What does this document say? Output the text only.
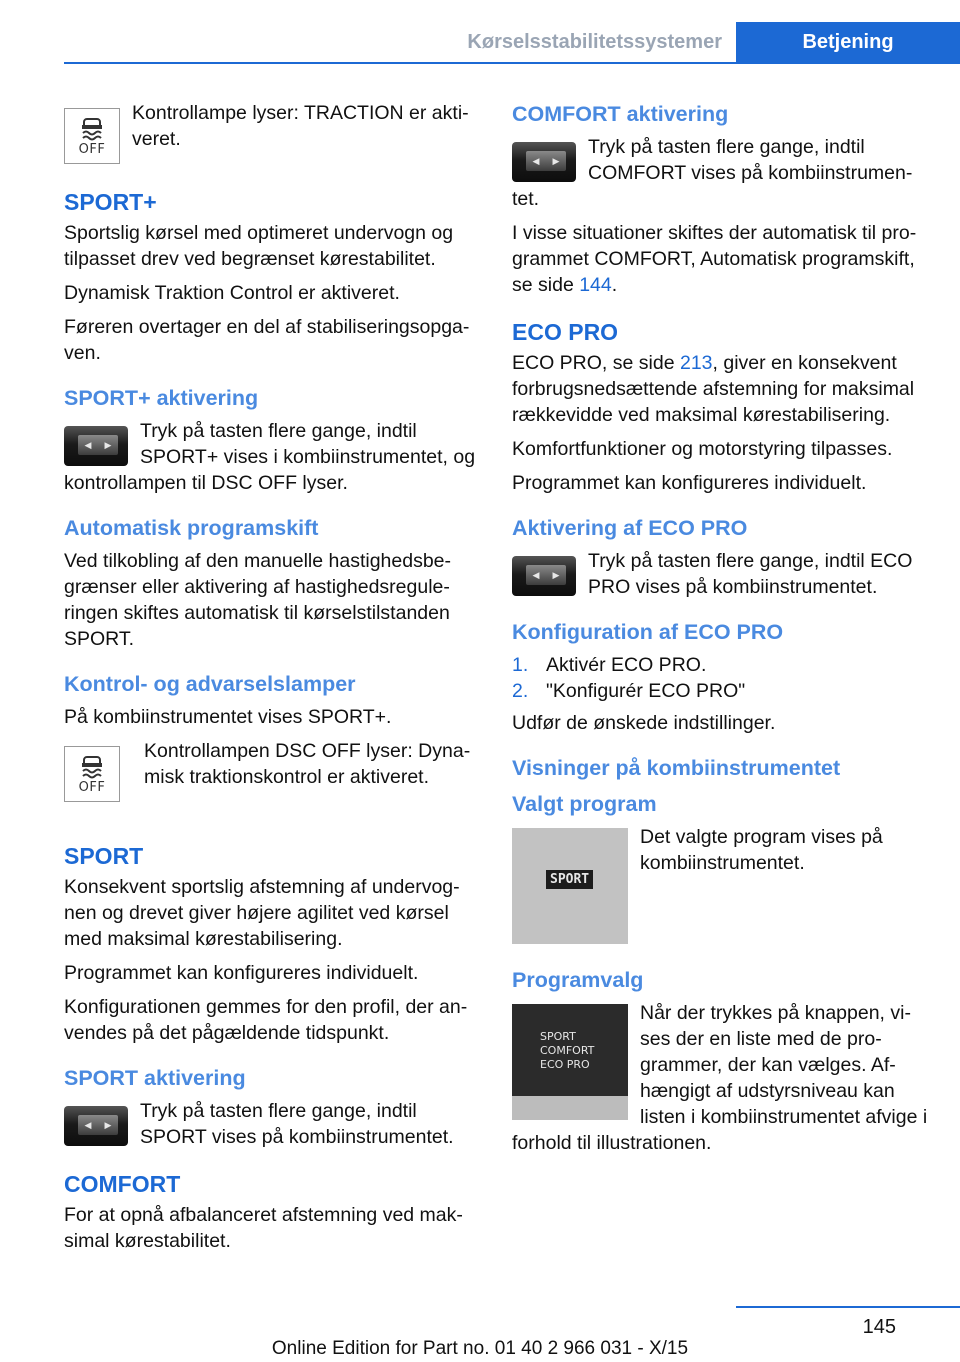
Kørselsstabilitetssystemer	Betjening
OFF

Kontrollampe lyser: TRACTION er aktiveret.

SPORT+

Sportslig kørsel med optimeret undervogn og tilpasset drev ved begrænset kørestabilitet.

Dynamisk Traktion Control er aktiveret.

Føreren overtager en del af stabiliseringsopgaven.

SPORT+ aktivering
◀ ▶

Tryk på tasten flere gange, indtil SPORT+ vises i kombiinstrumentet, og kontrollampen til DSC OFF lyser.

Automatisk programskift

Ved tilkobling af den manuelle hastighedsbegrænser eller aktivering af hastighedsreguleringen skiftes automatisk til kørselstilstanden SPORT.

Kontrol- og advarselslamper

På kombiinstrumentet vises SPORT+.

OFF

Kontrollampen DSC OFF lyser: Dynamisk traktionskontrol er aktiveret.

SPORT

Konsekvent sportslig afstemning af undervognen og drevet giver højere agilitet ved kørsel med maksimal kørestabilisering.

Programmet kan konfigureres individuelt.

Konfigurationen gemmes for den profil, der anvendes på det pågældende tidspunkt.

SPORT aktivering
◀ ▶

Tryk på tasten flere gange, indtil SPORT vises på kombiinstrumentet.

COMFORT

For at opnå afbalanceret afstemning ved maksimal kørestabilitet.

COMFORT aktivering
◀ ▶

Tryk på tasten flere gange, indtil COMFORT vises på kombiinstrumentet.

I visse situationer skiftes der automatisk til programmet COMFORT, Automatisk programskift, se side 144.

ECO PRO

ECO PRO, se side 213, giver en konsekvent forbrugsnedsættende afstemning for maksimal rækkevidde ved maksimal kørestabilisering.

Komfortfunktioner og motorstyring tilpasses.

Programmet kan konfigureres individuelt.

Aktivering af ECO PRO
◀ ▶

Tryk på tasten flere gange, indtil ECO PRO vises på kombiinstrumentet.

Konfiguration af ECO PRO
1. Aktivér ECO PRO.
2. "Konfigurér ECO PRO"

Udfør de ønskede indstillinger.

Visninger på kombiinstrumentet
Valgt program
SPORT

Det valgte program vises på kombiinstrumentet.

Programvalg
SPORT
COMFORT
ECO PRO

Når der trykkes på knappen, vises der en liste med de programmer, der kan vælges. Afhængigt af udstyrsniveau kan listen i kombiinstrumentet afvige i forhold til illustrationen.

145
Online Edition for Part no. 01 40 2 966 031 - X/15
